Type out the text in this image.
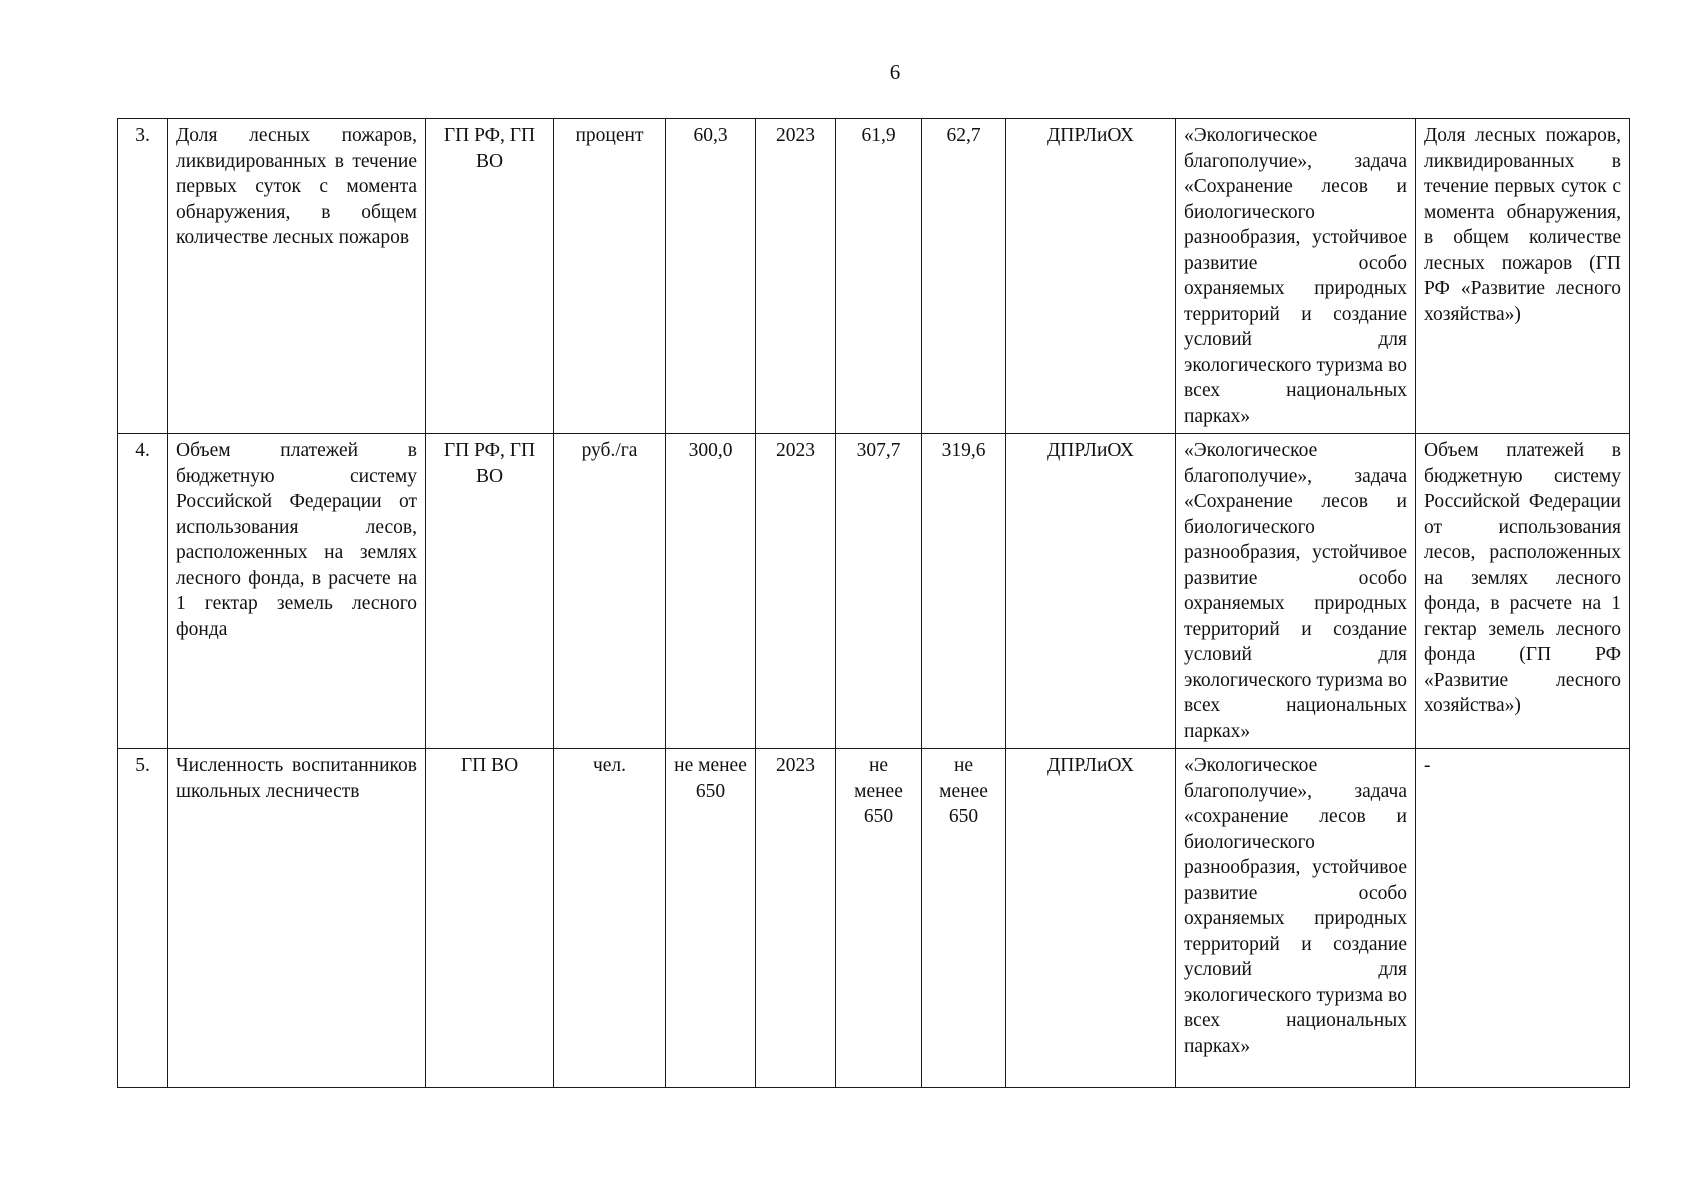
6
3.	Доля лесных пожаров, ликвидированных в течение первых суток с момента обнаружения, в общем количестве лесных пожаров	ГП РФ, ГП ВО	процент	60,3	2023	61,9	62,7	ДПРЛиОХ	«Экологическое благополучие», задача «Сохранение лесов и биологического разнообразия, устойчивое развитие особо охраняемых природных территорий и создание условий для экологического туризма во всех национальных парках»	Доля лесных пожаров, ликвидированных в течение первых суток с момента обнаружения, в общем количестве лесных пожаров (ГП РФ «Развитие лесного хозяйства»)
4.	Объем платежей в бюджетную систему Российской Федерации от использования лесов, расположенных на землях лесного фонда, в расчете на 1 гектар земель лесного фонда	ГП РФ, ГП ВО	руб./га	300,0	2023	307,7	319,6	ДПРЛиОХ	«Экологическое благополучие», задача «Сохранение лесов и биологического разнообразия, устойчивое развитие особо охраняемых природных территорий и создание условий для экологического туризма во всех национальных парках»	Объем платежей в бюджетную систему Российской Федерации от использования лесов, расположенных на землях лесного фонда, в расчете на 1 гектар земель лесного фонда (ГП РФ «Развитие лесного хозяйства»)
5.	Численность воспитанников школьных лесничеств	ГП ВО	чел.	не менее 650	2023	не менее 650	не менее 650	ДПРЛиОХ	«Экологическое благополучие», задача «сохранение лесов и биологического разнообразия, устойчивое развитие особо охраняемых природных территорий и создание условий для экологического туризма во всех национальных парках»	-
